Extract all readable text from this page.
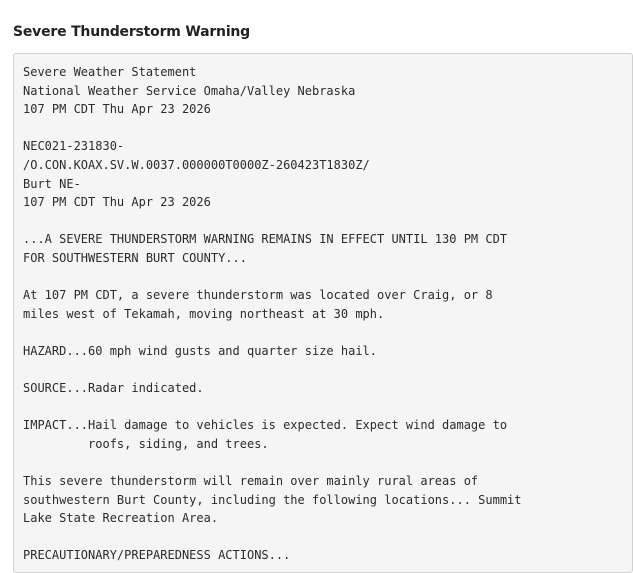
Severe Thunderstorm Warning
Severe Weather Statement
National Weather Service Omaha/Valley Nebraska
107 PM CDT Thu Apr 23 2026
NEC021-231830-
/O.CON.KOAX.SV.W.0037.000000T0000Z-260423T1830Z/
Burt NE-
107 PM CDT Thu Apr 23 2026
...A SEVERE THUNDERSTORM WARNING REMAINS IN EFFECT UNTIL 130 PM CDT
FOR SOUTHWESTERN BURT COUNTY...
At 107 PM CDT, a severe thunderstorm was located over Craig, or 8
miles west of Tekamah, moving northeast at 30 mph.
HAZARD...60 mph wind gusts and quarter size hail.
SOURCE...Radar indicated.
IMPACT...Hail damage to vehicles is expected. Expect wind damage to
roofs, siding, and trees.
This severe thunderstorm will remain over mainly rural areas of
southwestern Burt County, including the following locations... Summit
Lake State Recreation Area.
PRECAUTIONARY/PREPAREDNESS ACTIONS...
